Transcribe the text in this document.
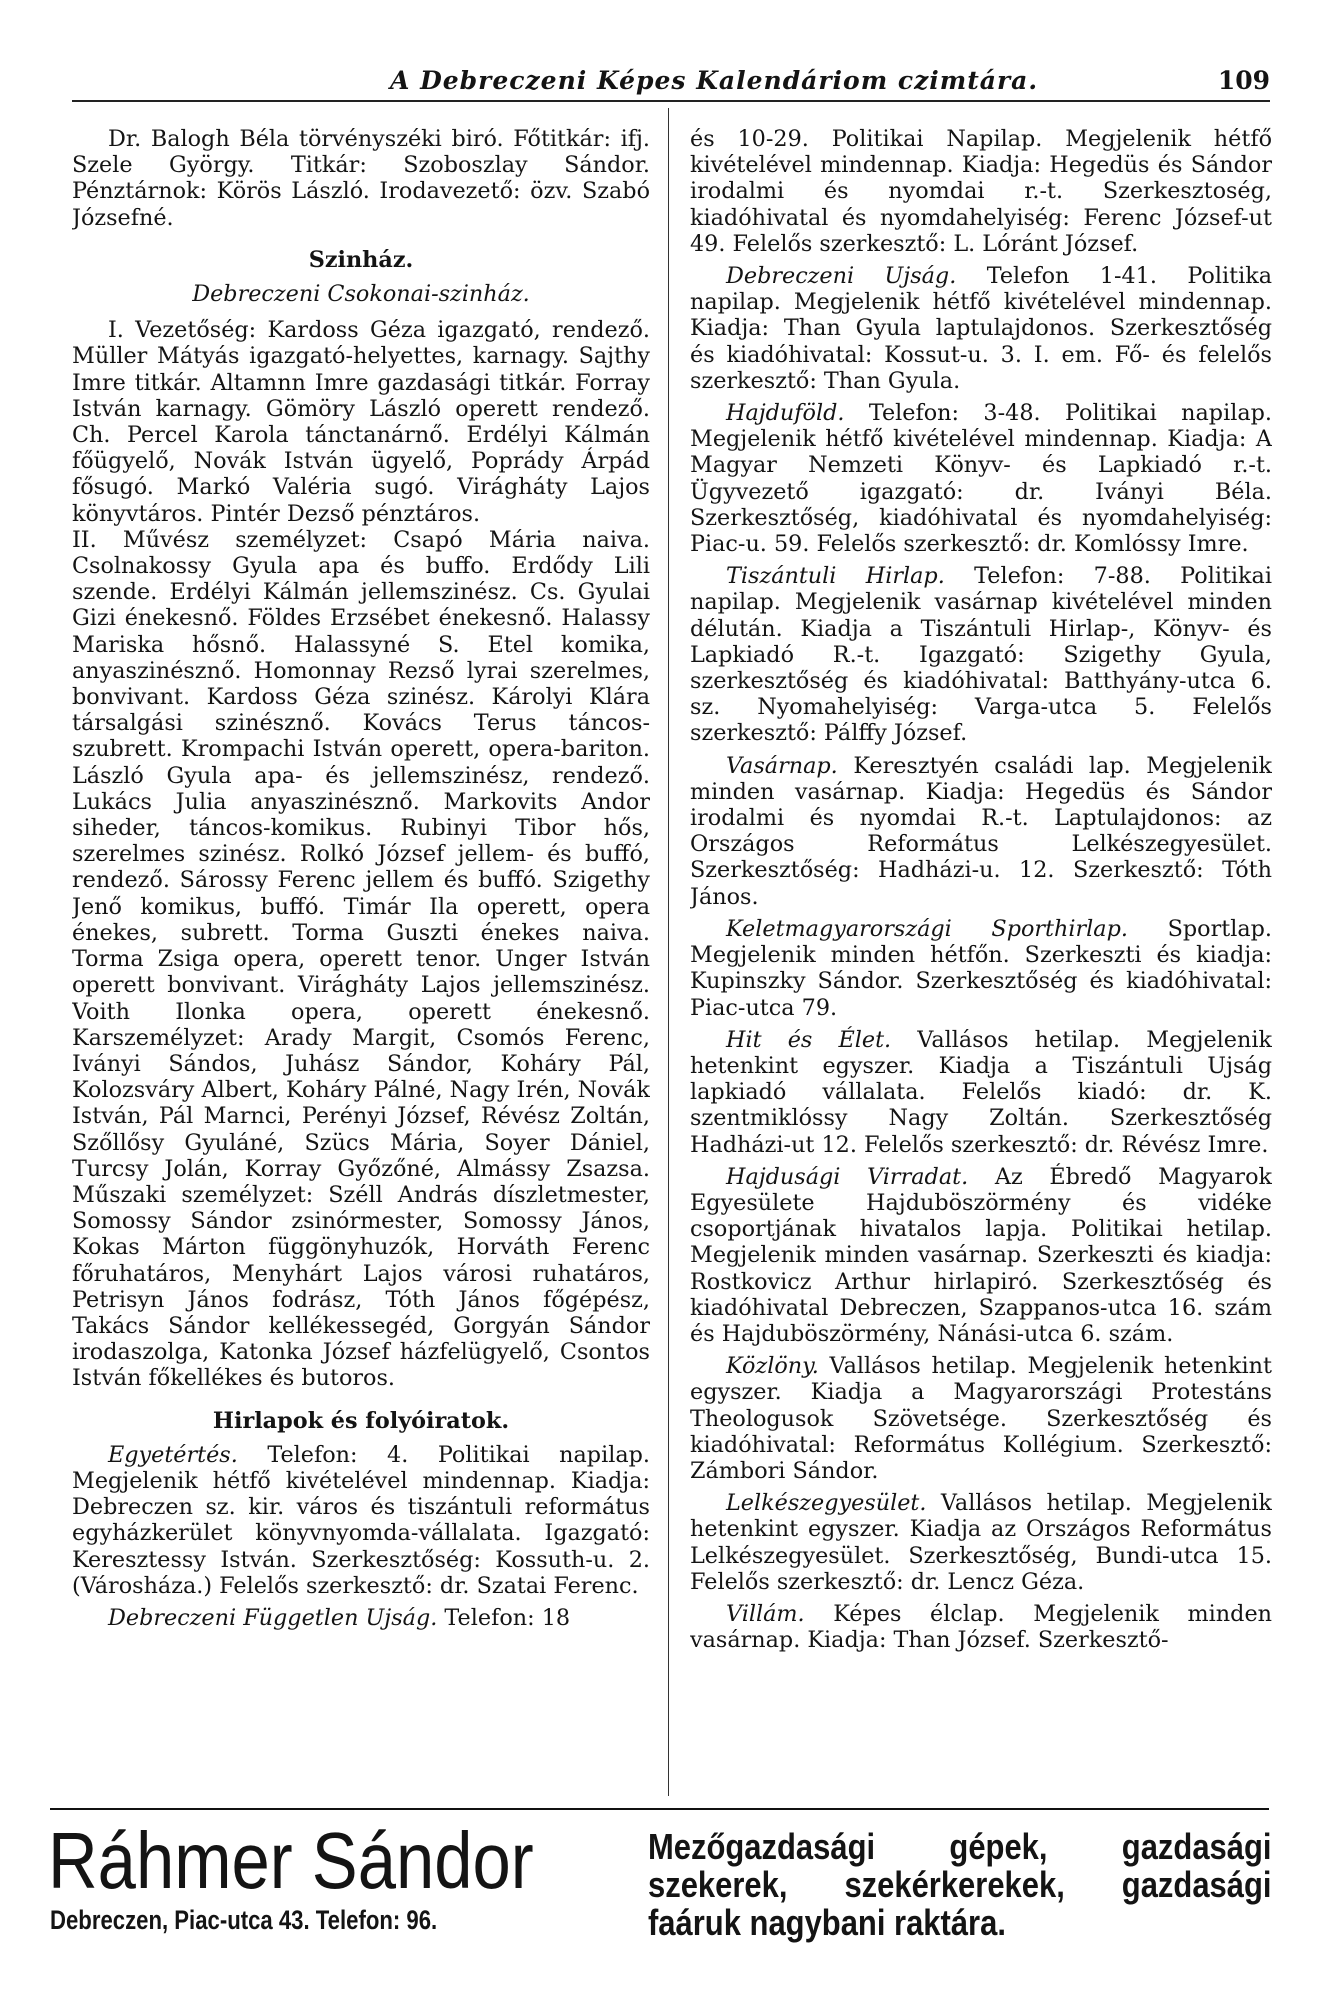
A Debreczeni Képes Kalendáriom czimtára.	109

Dr. Balogh Béla törvényszéki biró. Főtitkár: ifj. Szele György. Titkár: Szoboszlay Sándor. Pénztárnok: Körös László. Irodavezető: özv. Szabó Józsefné.

Szinház.

Debreczeni Csokonai-szinház.

I. Vezetőség: Kardoss Géza igazgató, rendező. Müller Mátyás igazgató-helyettes, karnagy. Sajthy Imre titkár. Altamnn Imre gazdasági titkár. Forray István karnagy. Gömöry László operett rendező. Ch. Percel Karola tánctanárnő. Erdélyi Kálmán főügyelő, Novák István ügyelő, Poprády Árpád fősugó. Markó Valéria sugó. Virágháty Lajos könyvtáros. Pintér Dezső pénztáros.

II. Művész személyzet: Csapó Mária naiva. Csolnakossy Gyula apa és buffo. Erdődy Lili szende. Erdélyi Kálmán jellemszinész. Cs. Gyulai Gizi énekesnő. Földes Erzsébet énekesnő. Halassy Mariska hősnő. Halassyné S. Etel komika, anyaszinésznő. Homonnay Rezső lyrai szerelmes, bonvivant. Kardoss Géza szinész. Károlyi Klára társalgási szinésznő. Kovács Terus táncos-szubrett. Krompachi István operett, opera-bariton. László Gyula apa- és jellemszinész, rendező. Lukács Julia anyaszinésznő. Markovits Andor siheder, táncos-komikus. Rubinyi Tibor hős, szerelmes szinész. Rolkó József jellem- és buffó, rendező. Sárossy Ferenc jellem és buffó. Szigethy Jenő komikus, buffó. Timár Ila operett, opera énekes, subrett. Torma Guszti énekes naiva. Torma Zsiga opera, operett tenor. Unger István operett bonvivant. Virágháty Lajos jellemszinész. Voith Ilonka opera, operett énekesnő. Karszemélyzet: Arady Margit, Csomós Ferenc, Iványi Sándos, Juhász Sándor, Koháry Pál, Kolozsváry Albert, Koháry Pálné, Nagy Irén, Novák István, Pál Marnci, Perényi József, Révész Zoltán, Szőllősy Gyuláné, Szücs Mária, Soyer Dániel, Turcsy Jolán, Korray Győzőné, Almássy Zsazsa. Műszaki személyzet: Széll András díszletmester, Somossy Sándor zsinórmester, Somossy János, Kokas Márton függönyhuzók, Horváth Ferenc főruhatáros, Menyhárt Lajos városi ruhatáros, Petrisyn János fodrász, Tóth János főgépész, Takács Sándor kellékessegéd, Gorgyán Sándor irodaszolga, Katonka József házfelügyelő, Csontos István főkellékes és butoros.

Hirlapok és folyóiratok.

Egyetértés. Telefon: 4. Politikai napilap. Megjelenik hétfő kivételével mindennap. Kiadja: Debreczen sz. kir. város és tiszántuli református egyházkerület könyvnyomda-vállalata. Igazgató: Keresztessy István. Szerkesztőség: Kossuth-u. 2. (Városháza.) Felelős szerkesztő: dr. Szatai Ferenc.

Debreczeni Független Ujság. Telefon: 18

és 10-29. Politikai Napilap. Megjelenik hétfő kivételével mindennap. Kiadja: Hegedüs és Sándor irodalmi és nyomdai r.-t. Szerkesztoség, kiadóhivatal és nyomdahelyiség: Ferenc József-ut 49. Felelős szerkesztő: L. Lóránt József.

Debreczeni Ujság. Telefon 1-41. Politika napilap. Megjelenik hétfő kivételével mindennap. Kiadja: Than Gyula laptulajdonos. Szerkesztőség és kiadóhivatal: Kossut-u. 3. I. em. Fő- és felelős szerkesztő: Than Gyula.

Hajduföld. Telefon: 3-48. Politikai napilap. Megjelenik hétfő kivételével mindennap. Kiadja: A Magyar Nemzeti Könyv- és Lapkiadó r.-t. Ügyvezető igazgató: dr. Iványi Béla. Szerkesztőség, kiadóhivatal és nyomdahelyiség: Piac-u. 59. Felelős szerkesztő: dr. Komlóssy Imre.

Tiszántuli Hirlap. Telefon: 7-88. Politikai napilap. Megjelenik vasárnap kivételével minden délután. Kiadja a Tiszántuli Hirlap-, Könyv- és Lapkiadó R.-t. Igazgató: Szigethy Gyula, szerkesztőség és kiadóhivatal: Batthyány-utca 6. sz. Nyomahelyiség: Varga-utca 5. Felelős szerkesztő: Pálffy József.

Vasárnap. Keresztyén családi lap. Megjelenik minden vasárnap. Kiadja: Hegedüs és Sándor irodalmi és nyomdai R.-t. Laptulajdonos: az Országos Református Lelkészegyesület. Szerkesztőség: Hadházi-u. 12. Szerkesztő: Tóth János.

Keletmagyarországi Sporthirlap. Sportlap. Megjelenik minden hétfőn. Szerkeszti és kiadja: Kupinszky Sándor. Szerkesztőség és kiadóhivatal: Piac-utca 79.

Hit és Élet. Vallásos hetilap. Megjelenik hetenkint egyszer. Kiadja a Tiszántuli Ujság lapkiadó vállalata. Felelős kiadó: dr. K. szentmiklóssy Nagy Zoltán. Szerkesztőség Hadházi-ut 12. Felelős szerkesztő: dr. Révész Imre.

Hajdusági Virradat. Az Ébredő Magyarok Egyesülete Hajduböszörmény és vidéke csoportjának hivatalos lapja. Politikai hetilap. Megjelenik minden vasárnap. Szerkeszti és kiadja: Rostkovicz Arthur hirlapiró. Szerkesztőség és kiadóhivatal Debreczen, Szappanos-utca 16. szám és Hajduböszörmény, Nánási-utca 6. szám.

Közlöny. Vallásos hetilap. Megjelenik hetenkint egyszer. Kiadja a Magyarországi Protestáns Theologusok Szövetsége. Szerkesztőség és kiadóhivatal: Református Kollégium. Szerkesztő: Zámbori Sándor.

Lelkészegyesület. Vallásos hetilap. Megjelenik hetenkint egyszer. Kiadja az Országos Református Lelkészegyesület. Szerkesztőség, Bundi-utca 15. Felelős szerkesztő: dr. Lencz Géza.

Villám. Képes élclap. Megjelenik minden vasárnap. Kiadja: Than József. Szerkesztő-

Ráhmer Sándor
Debreczen, Piac-utca 43. Telefon: 96.
Mezőgazdasági gépek, gazdasági szekerek, szekérkerekek, gazdasági faáruk nagybani raktára.
